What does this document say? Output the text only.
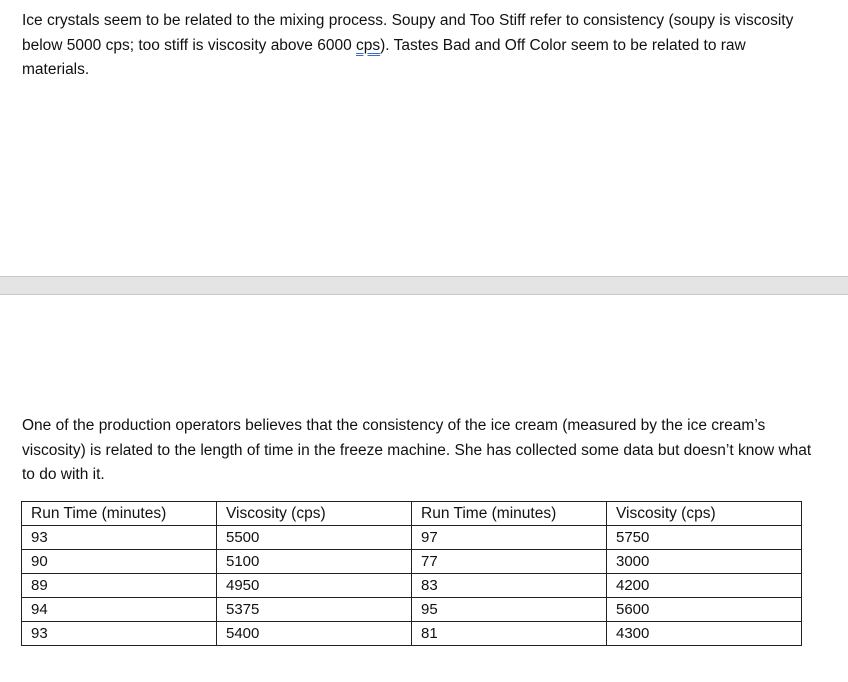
Ice crystals seem to be related to the mixing process. Soupy and Too Stiff refer to consistency (soupy is viscosity below 5000 cps; too stiff is viscosity above 6000 cps). Tastes Bad and Off Color seem to be related to raw materials.

One of the production operators believes that the consistency of the ice cream (measured by the ice cream’s viscosity) is related to the length of time in the freeze machine. She has collected some data but doesn’t know what to do with it.

Run Time (minutes)	Viscosity (cps)	Run Time (minutes)	Viscosity (cps)
93	5500	97	5750
90	5100	77	3000
89	4950	83	4200
94	5375	95	5600
93	5400	81	4300
